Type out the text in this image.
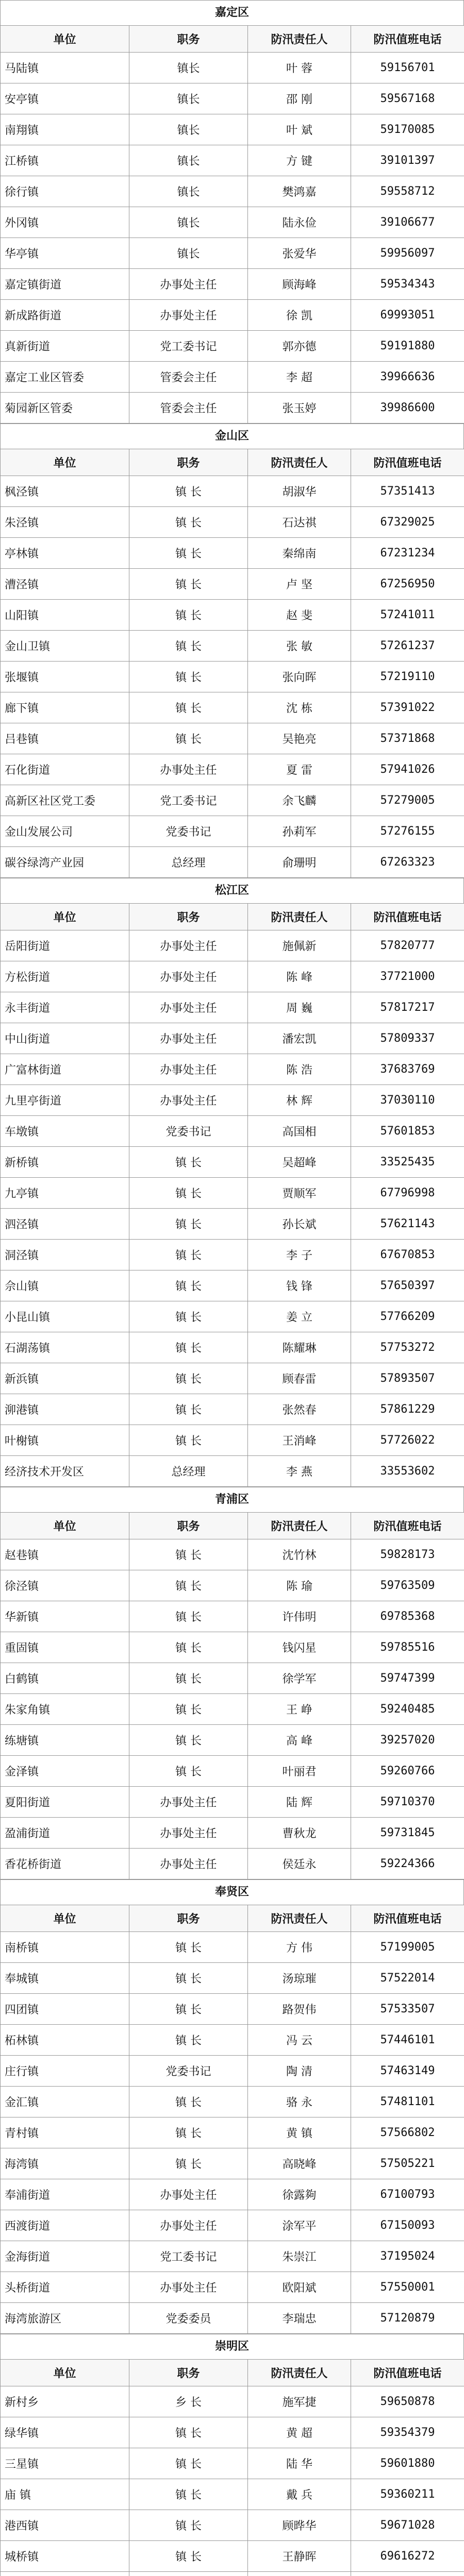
嘉定区
单位	职务	防汛责任人	防汛值班电话
马陆镇	镇长	叶 蓉	59156701
安亭镇	镇长	邵 刚	59567168
南翔镇	镇长	叶 斌	59170085
江桥镇	镇长	方 键	39101397
徐行镇	镇长	樊鸿嘉	59558712
外冈镇	镇长	陆永俭	39106677
华亭镇	镇长	张爱华	59956097
嘉定镇街道	办事处主任	顾海峰	59534343
新成路街道	办事处主任	徐 凯	69993051
真新街道	党工委书记	郭亦德	59191880
嘉定工业区管委	管委会主任	李 超	39966636
菊园新区管委	管委会主任	张玉婷	39986600
金山区
单位	职务	防汛责任人	防汛值班电话
枫泾镇	镇 长	胡淑华	57351413
朱泾镇	镇 长	石达祺	67329025
亭林镇	镇 长	秦绵南	67231234
漕泾镇	镇 长	卢 坚	67256950
山阳镇	镇 长	赵 斐	57241011
金山卫镇	镇 长	张 敏	57261237
张堰镇	镇 长	张向晖	57219110
廊下镇	镇 长	沈 栋	57391022
吕巷镇	镇 长	吴艳亮	57371868
石化街道	办事处主任	夏 雷	57941026
高新区社区党工委	党工委书记	余飞麟	57279005
金山发展公司	党委书记	孙莉军	57276155
碳谷绿湾产业园	总经理	俞珊明	67263323
松江区
单位	职务	防汛责任人	防汛值班电话
岳阳街道	办事处主任	施佩新	57820777
方松街道	办事处主任	陈 峰	37721000
永丰街道	办事处主任	周 巍	57817217
中山街道	办事处主任	潘宏凯	57809337
广富林街道	办事处主任	陈 浩	37683769
九里亭街道	办事处主任	林 辉	37030110
车墩镇	党委书记	高国相	57601853
新桥镇	镇 长	吴超峰	33525435
九亭镇	镇 长	贾顺军	67796998
泗泾镇	镇 长	孙长斌	57621143
洞泾镇	镇 长	李 子	67670853
佘山镇	镇 长	钱 锋	57650397
小昆山镇	镇 长	姜 立	57766209
石湖荡镇	镇 长	陈耀琳	57753272
新浜镇	镇 长	顾春雷	57893507
泖港镇	镇 长	张然春	57861229
叶榭镇	镇 长	王消峰	57726022
经济技术开发区	总经理	李 燕	33553602
青浦区
单位	职务	防汛责任人	防汛值班电话
赵巷镇	镇 长	沈竹林	59828173
徐泾镇	镇 长	陈 瑜	59763509
华新镇	镇 长	许伟明	69785368
重固镇	镇 长	钱闪星	59785516
白鹤镇	镇 长	徐学军	59747399
朱家角镇	镇 长	王 峥	59240485
练塘镇	镇 长	高 峰	39257020
金泽镇	镇 长	叶丽君	59260766
夏阳街道	办事处主任	陆 辉	59710370
盈浦街道	办事处主任	曹秋龙	59731845
香花桥街道	办事处主任	侯廷永	59224366
奉贤区
单位	职务	防汛责任人	防汛值班电话
南桥镇	镇 长	方 伟	57199005
奉城镇	镇 长	汤琼璀	57522014
四团镇	镇 长	路贺伟	57533507
柘林镇	镇 长	冯 云	57446101
庄行镇	党委书记	陶 清	57463149
金汇镇	镇 长	骆 永	57481101
青村镇	镇 长	黄 镇	57566802
海湾镇	镇 长	高晓峰	57505221
奉浦街道	办事处主任	徐露夠	67100793
西渡街道	办事处主任	涂军平	67150093
金海街道	党工委书记	朱崇江	37195024
头桥街道	办事处主任	欧阳斌	57550001
海湾旅游区	党委委员	李瑞忠	57120879
崇明区
单位	职务	防汛责任人	防汛值班电话
新村乡	乡 长	施军捷	59650878
绿华镇	镇 长	黄 超	59354379
三星镇	镇 长	陆 华	59601880
庙 镇	镇 长	戴 兵	59360211
港西镇	镇 长	顾晔华	59671028
城桥镇	镇 长	王静晖	69616272
